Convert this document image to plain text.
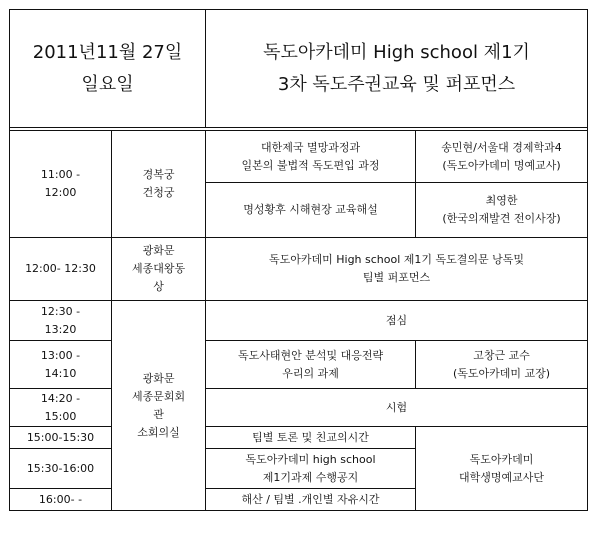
2011년11월 27일
일요일		독도아카데미 High school 제1기
3차 독도주권교육 및 퍼포먼스	

11:00 -
12:00	경복궁
건청궁	대한제국 멸망과정과
일본의 불법적 독도편입 과정	송민현/서울대 경제학과4
(독도아카데미 명예교사)

		명성황후 시해현장 교육해설	최영한
(한국의재발견 전이사장)

12:00- 12:30	광화문
세종대왕동
상	독도아카데미 High school 제1기 독도결의문 낭독및
팀별 퍼포먼스	

12:30 -
13:20	광화문
세종문회회
관
소회의실	점심	

13:00 -
14:10		독도사태현안 분석및 대응전략
우리의 과제	고창근 교수
(독도아카데미 교장)

14:20 -
15:00		시험	

15:00-15:30		팀별 토론 및 친교의시간	독도아카데미
대학생명예교사단

15:30-16:00		독도아카데미 high school
제1기과제 수행공지	

16:00- -		해산 / 팀별 .개인별 자유시간	
